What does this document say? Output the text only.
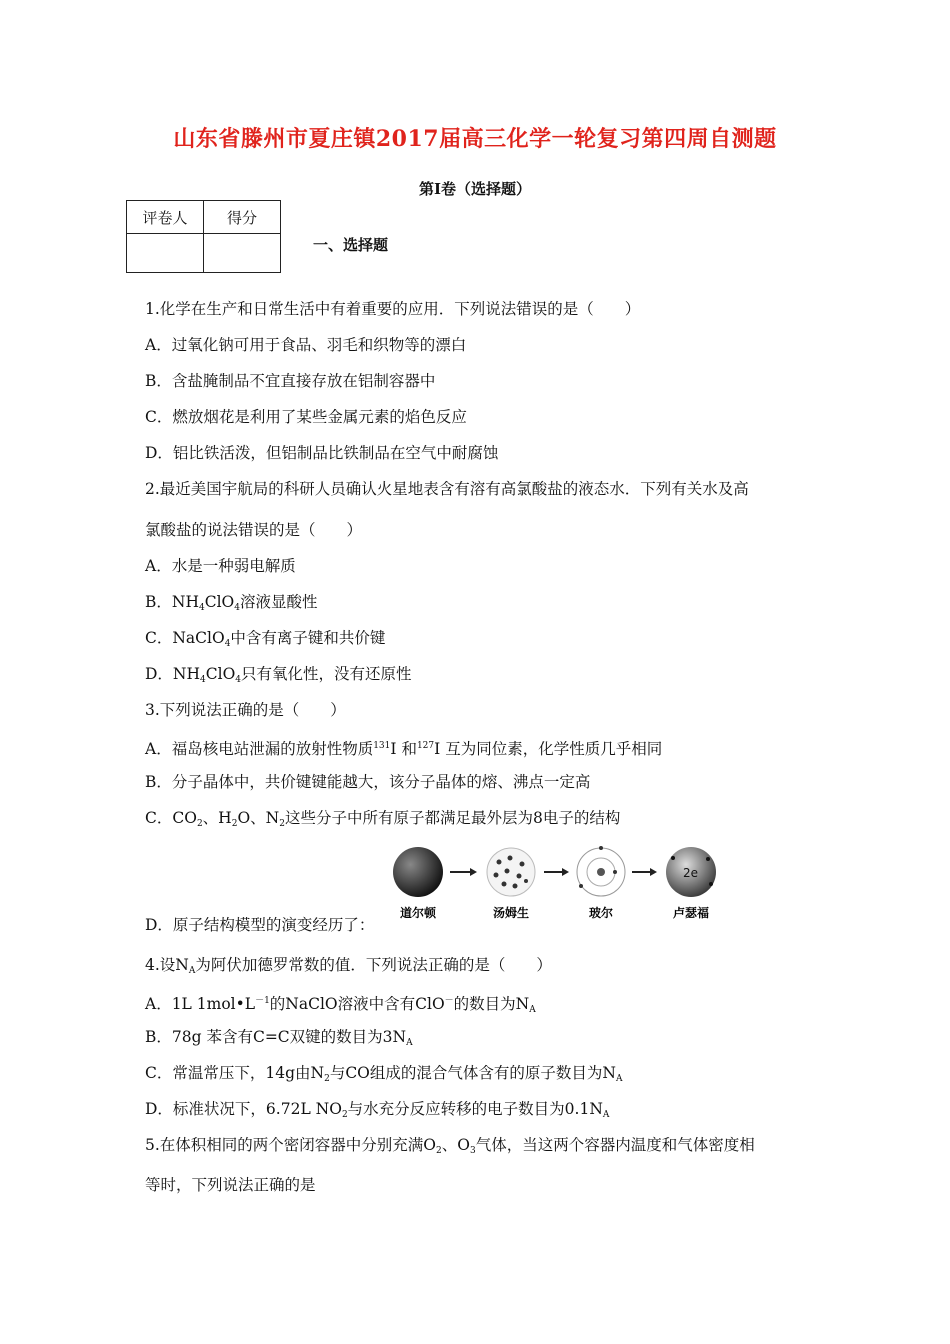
山东省滕州市夏庄镇2017届高三化学一轮复习第四周自测题
第Ⅰ卷（选择题）
评卷人	得分

一、选择题
1.化学在生产和日常生活中有着重要的应用．下列说法错误的是（　　）
A．过氧化钠可用于食品、羽毛和织物等的漂白
B．含盐腌制品不宜直接存放在铝制容器中
C．燃放烟花是利用了某些金属元素的焰色反应
D．铝比铁活泼，但铝制品比铁制品在空气中耐腐蚀
2.最近美国宇航局的科研人员确认火星地表含有溶有高氯酸盐的液态水．下列有关水及高
氯酸盐的说法错误的是（　　）
A．水是一种弱电解质
B．$NH_4ClO_4$溶液显酸性
C．NaClO$_4$中含有离子键和共价键
D．$NH_4ClO_4$只有氧化性，没有还原性
3.下列说法正确的是（　　）
A．福岛核电站泄漏的放射性物质$^{131}$I 和$^{127}$I 互为同位素，化学性质几乎相同
B．分子晶体中，共价键键能越大，该分子晶体的熔、沸点一定高
C．$CO_2$、$H_2O$、$N_2$这些分子中所有原子都满足最外层为8电子的结构
D．原子结构模型的演变经历了：
2e
道尔顿	汤姆生	玻尔	卢瑟福
4.设$N_A$为阿伏加德罗常数的值．下列说法正确的是（　　）
A．1L $1mol•L^{-1}$的NaClO溶液中含有ClO－的数目为$N_A$
B．78g 苯含有C=C双键的数目为$3N_A$
C．常温常压下，14g由$N_2$与CO组成的混合气体含有的原子数目为$N_A$
D．标准状况下，6.72L $NO_2$与水充分反应转移的电子数目为$0.1N_A$
5.在体积相同的两个密闭容器中分别充满$O_2$、$O_3$气体，当这两个容器内温度和气体密度相
等时，下列说法正确的是
